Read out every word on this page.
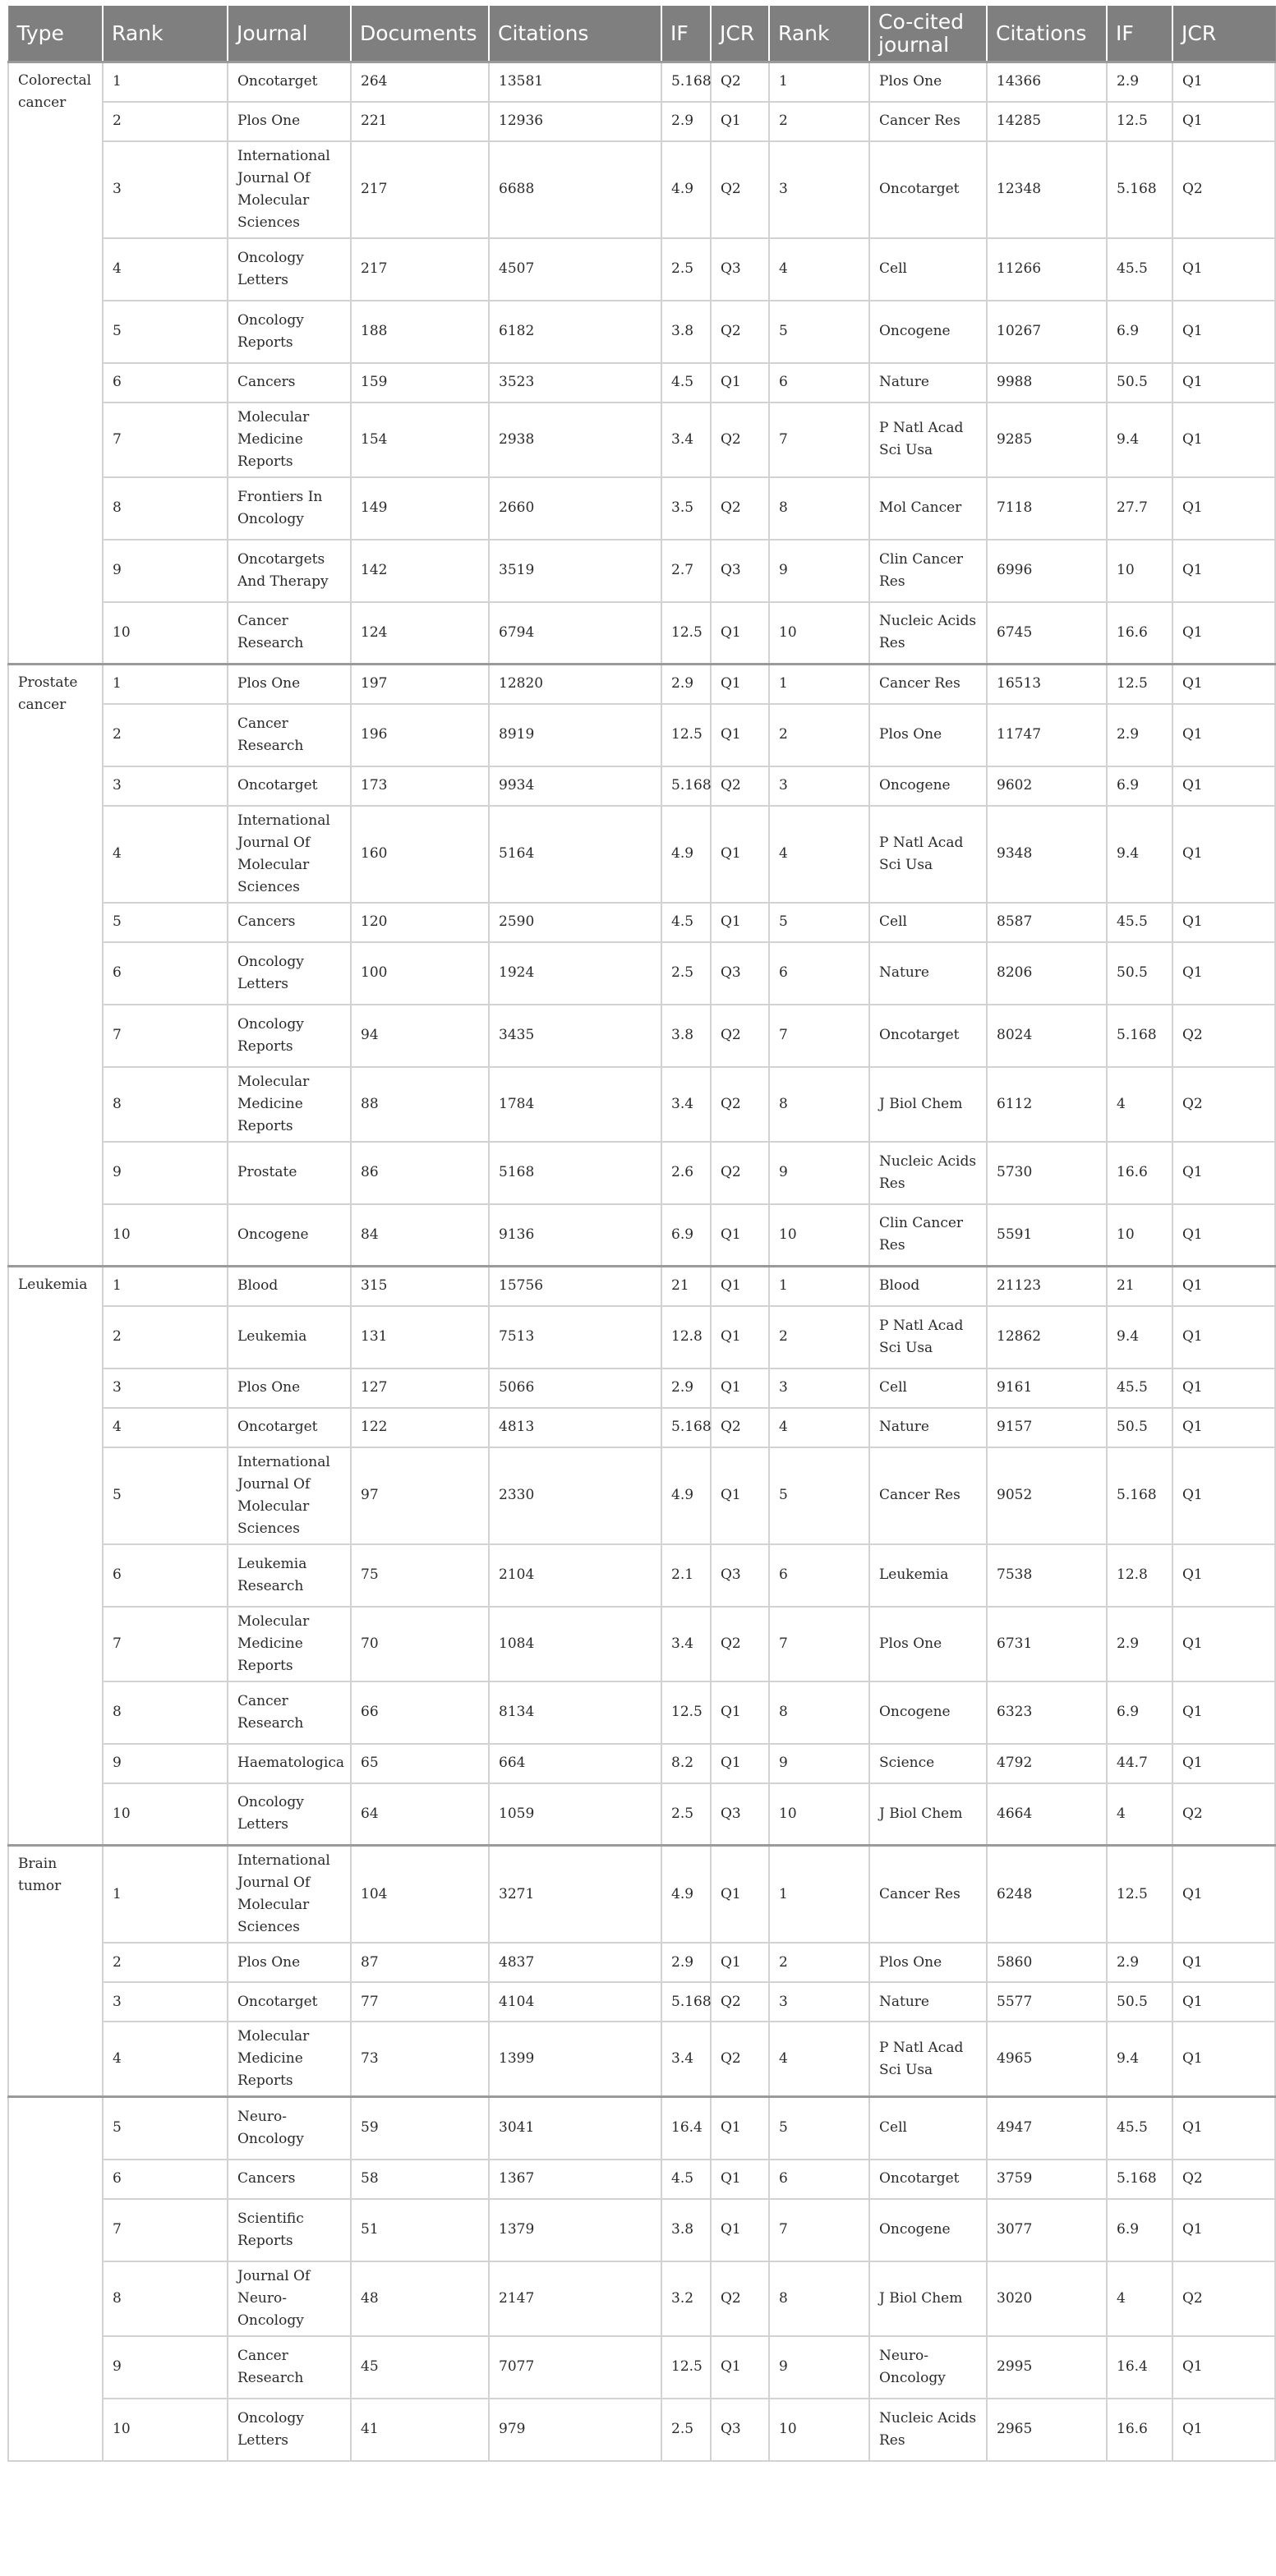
Type	Rank	Journal	Documents	Citations	IF	JCR	Rank	Co-cited journal	Citations	IF	JCR
Colorectal cancer	1	Oncotarget	264	13581	5.168	Q2	1	Plos One	14366	2.9	Q1
	2	Plos One	221	12936	2.9	Q1	2	Cancer Res	14285	12.5	Q1
	3	International Journal Of Molecular Sciences	217	6688	4.9	Q2	3	Oncotarget	12348	5.168	Q2
	4	Oncology Letters	217	4507	2.5	Q3	4	Cell	11266	45.5	Q1
	5	Oncology Reports	188	6182	3.8	Q2	5	Oncogene	10267	6.9	Q1
	6	Cancers	159	3523	4.5	Q1	6	Nature	9988	50.5	Q1
	7	Molecular Medicine Reports	154	2938	3.4	Q2	7	P Natl Acad Sci Usa	9285	9.4	Q1
	8	Frontiers In Oncology	149	2660	3.5	Q2	8	Mol Cancer	7118	27.7	Q1
	9	Oncotargets And Therapy	142	3519	2.7	Q3	9	Clin Cancer Res	6996	10	Q1
	10	Cancer Research	124	6794	12.5	Q1	10	Nucleic Acids Res	6745	16.6	Q1
Prostate cancer	1	Plos One	197	12820	2.9	Q1	1	Cancer Res	16513	12.5	Q1
	2	Cancer Research	196	8919	12.5	Q1	2	Plos One	11747	2.9	Q1
	3	Oncotarget	173	9934	5.168	Q2	3	Oncogene	9602	6.9	Q1
	4	International Journal Of Molecular Sciences	160	5164	4.9	Q1	4	P Natl Acad Sci Usa	9348	9.4	Q1
	5	Cancers	120	2590	4.5	Q1	5	Cell	8587	45.5	Q1
	6	Oncology Letters	100	1924	2.5	Q3	6	Nature	8206	50.5	Q1
	7	Oncology Reports	94	3435	3.8	Q2	7	Oncotarget	8024	5.168	Q2
	8	Molecular Medicine Reports	88	1784	3.4	Q2	8	J Biol Chem	6112	4	Q2
	9	Prostate	86	5168	2.6	Q2	9	Nucleic Acids Res	5730	16.6	Q1
	10	Oncogene	84	9136	6.9	Q1	10	Clin Cancer Res	5591	10	Q1
Leukemia	1	Blood	315	15756	21	Q1	1	Blood	21123	21	Q1
	2	Leukemia	131	7513	12.8	Q1	2	P Natl Acad Sci Usa	12862	9.4	Q1
	3	Plos One	127	5066	2.9	Q1	3	Cell	9161	45.5	Q1
	4	Oncotarget	122	4813	5.168	Q2	4	Nature	9157	50.5	Q1
	5	International Journal Of Molecular Sciences	97	2330	4.9	Q1	5	Cancer Res	9052	5.168	Q1
	6	Leukemia Research	75	2104	2.1	Q3	6	Leukemia	7538	12.8	Q1
	7	Molecular Medicine Reports	70	1084	3.4	Q2	7	Plos One	6731	2.9	Q1
	8	Cancer Research	66	8134	12.5	Q1	8	Oncogene	6323	6.9	Q1
	9	Haematologica	65	664	8.2	Q1	9	Science	4792	44.7	Q1
	10	Oncology Letters	64	1059	2.5	Q3	10	J Biol Chem	4664	4	Q2
Brain tumor	1	International Journal Of Molecular Sciences	104	3271	4.9	Q1	1	Cancer Res	6248	12.5	Q1
	2	Plos One	87	4837	2.9	Q1	2	Plos One	5860	2.9	Q1
	3	Oncotarget	77	4104	5.168	Q2	3	Nature	5577	50.5	Q1
	4	Molecular Medicine Reports	73	1399	3.4	Q2	4	P Natl Acad Sci Usa	4965	9.4	Q1
	5	Neuro-Oncology	59	3041	16.4	Q1	5	Cell	4947	45.5	Q1
	6	Cancers	58	1367	4.5	Q1	6	Oncotarget	3759	5.168	Q2
	7	Scientific Reports	51	1379	3.8	Q1	7	Oncogene	3077	6.9	Q1
	8	Journal Of Neuro-Oncology	48	2147	3.2	Q2	8	J Biol Chem	3020	4	Q2
	9	Cancer Research	45	7077	12.5	Q1	9	Neuro-Oncology	2995	16.4	Q1
	10	Oncology Letters	41	979	2.5	Q3	10	Nucleic Acids Res	2965	16.6	Q1
